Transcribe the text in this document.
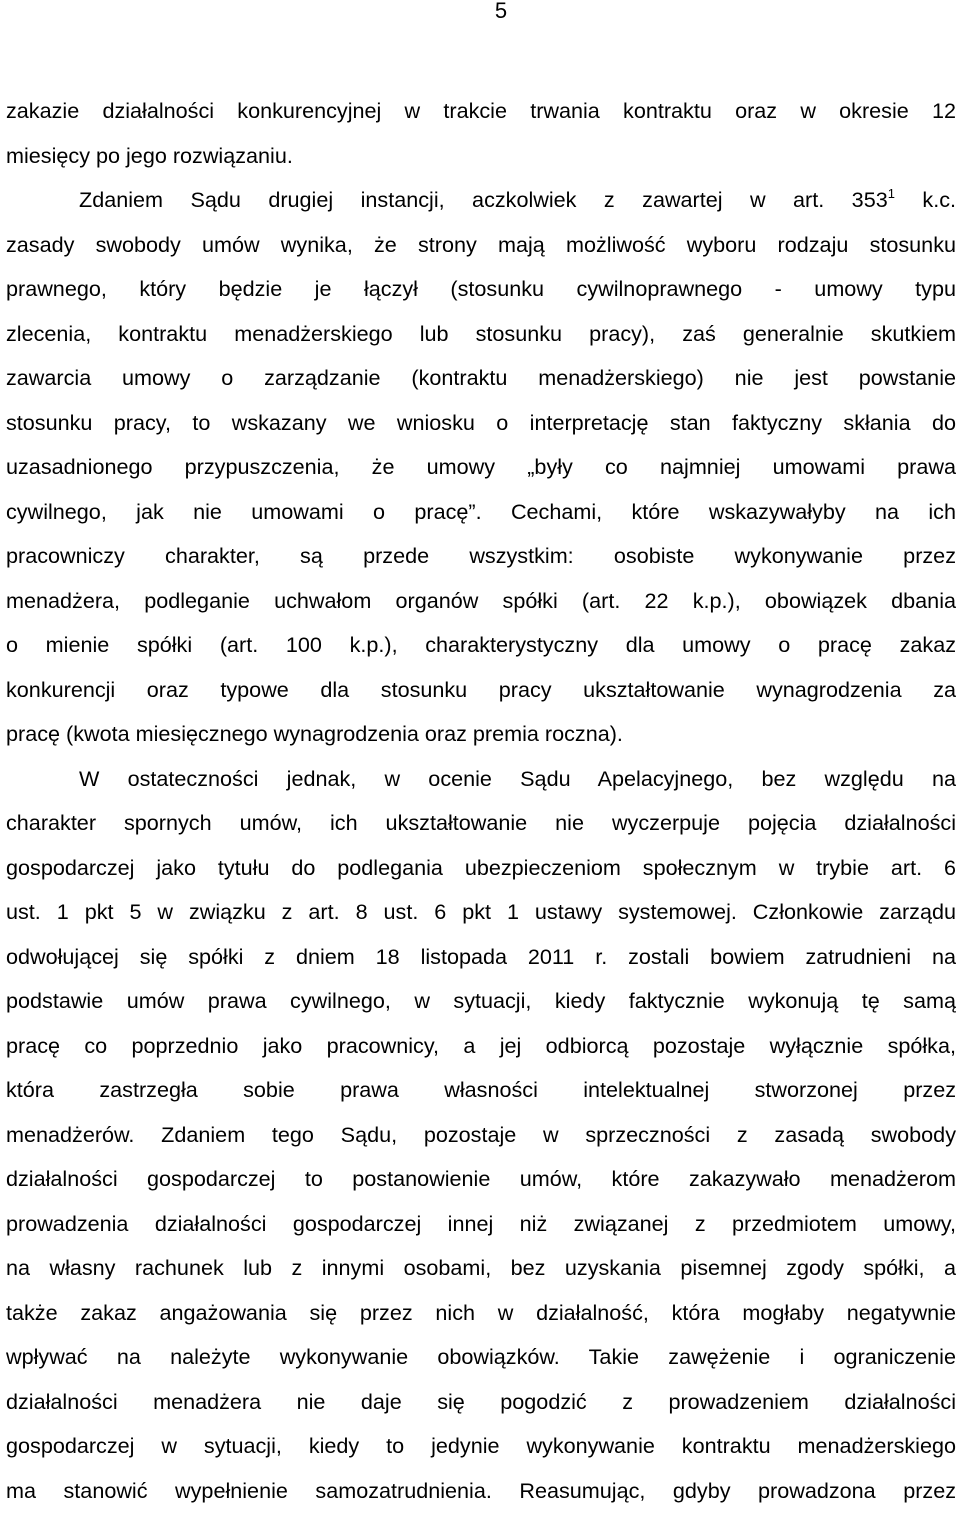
5
zakazie działalności konkurencyjnej w trakcie trwania kontraktu oraz w okresie 12
miesięcy po jego rozwiązaniu.
Zdaniem Sądu drugiej instancji, aczkolwiek z zawartej w art. $353^1$ k.c.
zasady swobody umów wynika, że strony mają możliwość wyboru rodzaju stosunku
prawnego, który będzie je łączył (stosunku cywilnoprawnego - umowy typu
zlecenia, kontraktu menadżerskiego lub stosunku pracy), zaś generalnie skutkiem
zawarcia umowy o zarządzanie (kontraktu menadżerskiego) nie jest powstanie
stosunku pracy, to wskazany we wniosku o interpretację stan faktyczny skłania do
uzasadnionego przypuszczenia, że umowy „były co najmniej umowami prawa
cywilnego, jak nie umowami o pracę”. Cechami, które wskazywałyby na ich
pracowniczy charakter, są przede wszystkim: osobiste wykonywanie przez
menadżera, podleganie uchwałom organów spółki (art. 22 k.p.), obowiązek dbania
o mienie spółki (art. 100 k.p.), charakterystyczny dla umowy o pracę zakaz
konkurencji oraz typowe dla stosunku pracy ukształtowanie wynagrodzenia za
pracę (kwota miesięcznego wynagrodzenia oraz premia roczna).
W ostateczności jednak, w ocenie Sądu Apelacyjnego, bez względu na
charakter spornych umów, ich ukształtowanie nie wyczerpuje pojęcia działalności
gospodarczej jako tytułu do podlegania ubezpieczeniom społecznym w trybie art. 6
ust. 1 pkt 5 w związku z art. 8 ust. 6 pkt 1 ustawy systemowej. Członkowie zarządu
odwołującej się spółki z dniem 18 listopada 2011 r. zostali bowiem zatrudnieni na
podstawie umów prawa cywilnego, w sytuacji, kiedy faktycznie wykonują tę samą
pracę co poprzednio jako pracownicy, a jej odbiorcą pozostaje wyłącznie spółka,
która zastrzegła sobie prawa własności intelektualnej stworzonej przez
menadżerów. Zdaniem tego Sądu, pozostaje w sprzeczności z zasadą swobody
działalności gospodarczej to postanowienie umów, które zakazywało menadżerom
prowadzenia działalności gospodarczej innej niż związanej z przedmiotem umowy,
na własny rachunek lub z innymi osobami, bez uzyskania pisemnej zgody spółki, a
także zakaz angażowania się przez nich w działalność, która mogłaby negatywnie
wpływać na należyte wykonywanie obowiązków. Takie zawężenie i ograniczenie
działalności menadżera nie daje się pogodzić z prowadzeniem działalności
gospodarczej w sytuacji, kiedy to jedynie wykonywanie kontraktu menadżerskiego
ma stanowić wypełnienie samozatrudnienia. Reasumując, gdyby prowadzona przez
